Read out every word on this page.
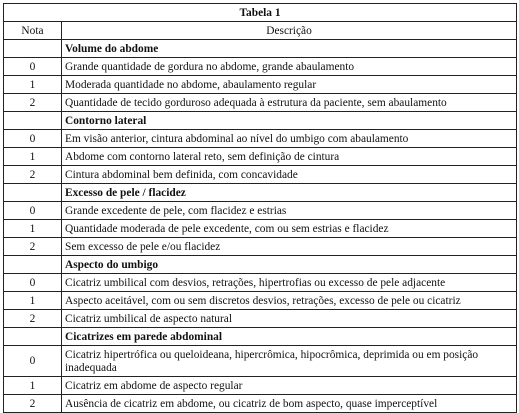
Tabela 1	
Nota	Descrição
	Volume do abdome
0	Grande quantidade de gordura no abdome, grande abaulamento
1	Moderada quantidade no abdome, abaulamento regular
2	Quantidade de tecido gorduroso adequada à estrutura da paciente, sem abaulamento
	Contorno lateral
0	Em visão anterior, cintura abdominal ao nível do umbigo com abaulamento
1	Abdome com contorno lateral reto, sem definição de cintura
2	Cintura abdominal bem definida, com concavidade
	Excesso de pele / flacidez
0	Grande excedente de pele, com flacidez e estrias
1	Quantidade moderada de pele excedente, com ou sem estrias e flacidez
2	Sem excesso de pele e/ou flacidez
	Aspecto do umbigo
0	Cicatriz umbilical com desvios, retrações, hipertrofias ou excesso de pele adjacente
1	Aspecto aceitável, com ou sem discretos desvios, retrações, excesso de pele ou cicatriz
2	Cicatriz umbilical de aspecto natural
	Cicatrizes em parede abdominal
0	Cicatriz hipertrófica ou queloideana, hipercrômica, hipocrômica, deprimida ou em posição inadequada
1	Cicatriz em abdome de aspecto regular
2	Ausência de cicatriz em abdome, ou cicatriz de bom aspecto, quase imperceptível
